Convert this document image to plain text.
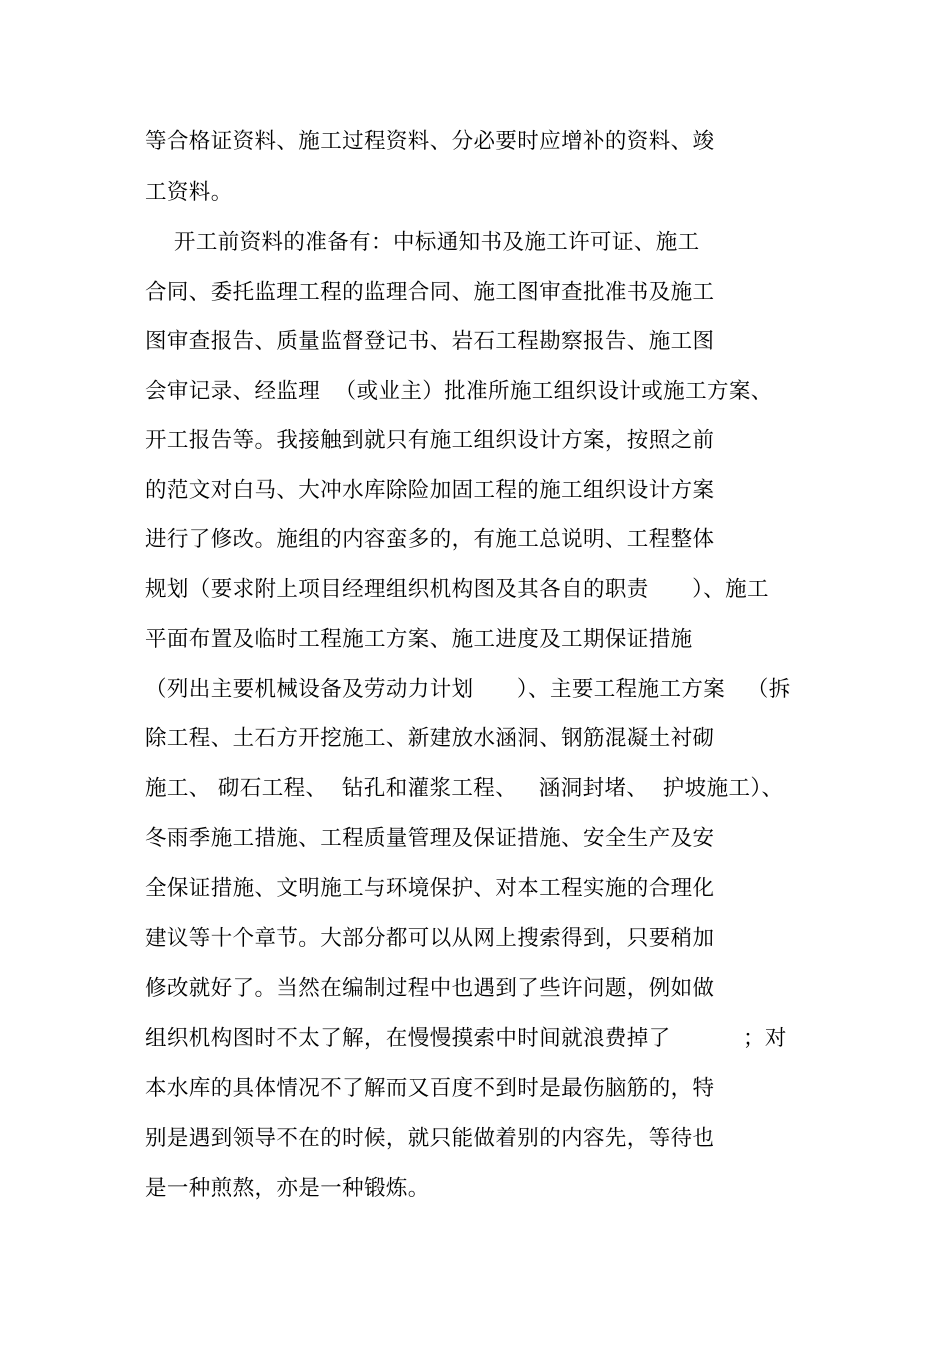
等合格证资料、施工过程资料、分必要时应增补的资料、竣
工资料。
开工前资料的准备有：中标通知书及施工许可证、施工
合同、委托监理工程的监理合同、施工图审查批准书及施工
图审查报告、质量监督登记书、岩石工程勘察报告、施工图
会审记录、经监理  （或业主）批准所施工组织设计或施工方案、
开工报告等。我接触到就只有施工组织设计方案，按照之前
的范文对白马、大冲水库除险加固工程的施工组织设计方案
进行了修改。施组的内容蛮多的，有施工总说明、工程整体
规划（要求附上项目经理组织机构图及其各自的职责      ）、施工
平面布置及临时工程施工方案、施工进度及工期保证措施
（列出主要机械设备及劳动力计划      ）、主要工程施工方案   （拆
除工程、土石方开挖施工、新建放水涵洞、钢筋混凝土衬砌
施工、 砌石工程、  钻孔和灌浆工程、   涵洞封堵、  护坡施工）、
冬雨季施工措施、工程质量管理及保证措施、安全生产及安
全保证措施、文明施工与环境保护、对本工程实施的合理化
建议等十个章节。大部分都可以从网上搜索得到，只要稍加
修改就好了。当然在编制过程中也遇到了些许问题，例如做
组织机构图时不太了解，在慢慢摸索中时间就浪费掉了          ；对
本水库的具体情况不了解而又百度不到时是最伤脑筋的，特
别是遇到领导不在的时候，就只能做着别的内容先，等待也
是一种煎熬，亦是一种锻炼。
